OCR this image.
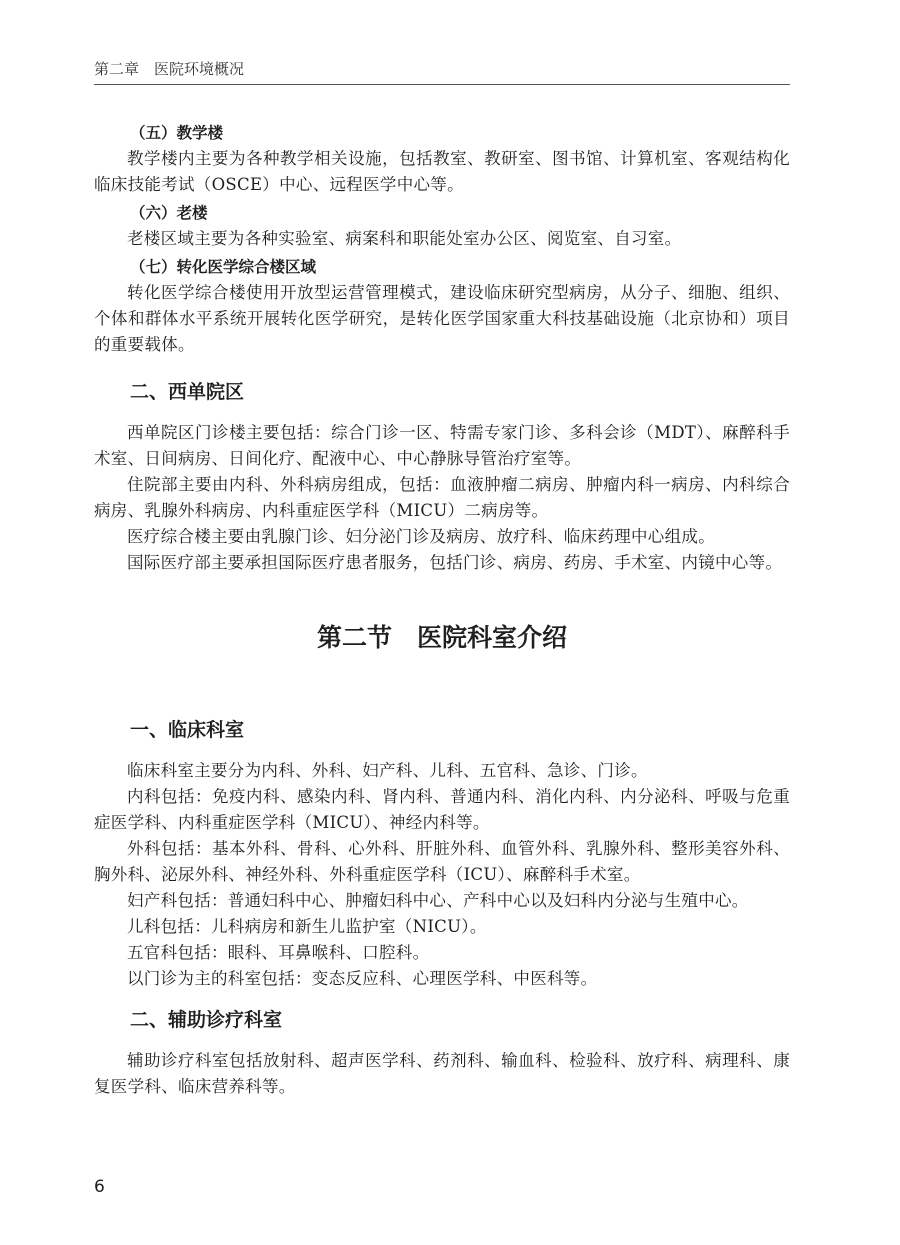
第二章　 医院环境概况
（五）教学楼

教学楼内主要为各种教学相关设施，包括教室、教研室、图书馆、计算机室、客观结构化临床技能考试（OSCE）中心、远程医学中心等。

（六）老楼

老楼区域主要为各种实验室、病案科和职能处室办公区、阅览室、自习室。

（七）转化医学综合楼区域

转化医学综合楼使用开放型运营管理模式，建设临床研究型病房，从分子、细胞、组织、个体和群体水平系统开展转化医学研究，是转化医学国家重大科技基础设施（北京协和）项目的重要载体。

二、西单院区

西单院区门诊楼主要包括：综合门诊一区、特需专家门诊、多科会诊（MDT）、麻醉科手术室、日间病房、日间化疗、配液中心、中心静脉导管治疗室等。

住院部主要由内科、外科病房组成，包括：血液肿瘤二病房、肿瘤内科一病房、内科综合病房、乳腺外科病房、内科重症医学科（MICU）二病房等。

医疗综合楼主要由乳腺门诊、妇分泌门诊及病房、放疗科、临床药理中心组成。

国际医疗部主要承担国际医疗患者服务，包括门诊、病房、药房、手术室、内镜中心等。

第二节　医院科室介绍
一、临床科室

临床科室主要分为内科、外科、妇产科、儿科、五官科、急诊、门诊。

内科包括：免疫内科、感染内科、肾内科、普通内科、消化内科、内分泌科、呼吸与危重症医学科、内科重症医学科（MICU）、神经内科等。

外科包括：基本外科、骨科、心外科、肝脏外科、血管外科、乳腺外科、整形美容外科、胸外科、泌尿外科、神经外科、外科重症医学科（ICU）、麻醉科手术室。

妇产科包括：普通妇科中心、肿瘤妇科中心、产科中心以及妇科内分泌与生殖中心。

儿科包括：儿科病房和新生儿监护室（NICU）。

五官科包括：眼科、耳鼻喉科、口腔科。

以门诊为主的科室包括：变态反应科、心理医学科、中医科等。

二、辅助诊疗科室

辅助诊疗科室包括放射科、超声医学科、药剂科、输血科、检验科、放疗科、病理科、康复医学科、临床营养科等。

6
